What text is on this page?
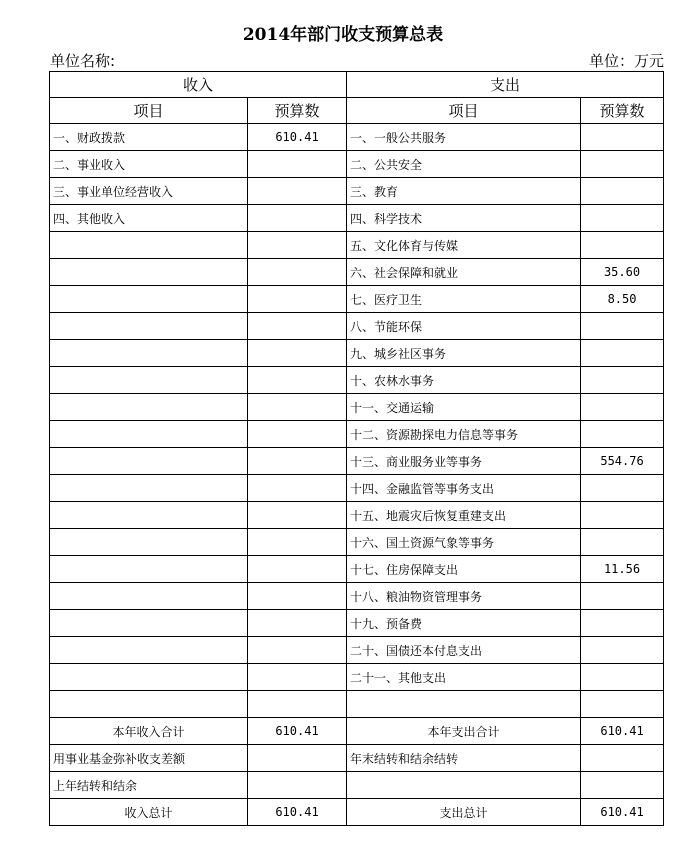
2014年部门收支预算总表
单位名称:	单位：万元
收入		支出	
项目	预算数	项目	预算数
一、财政拨款	610.41	一、一般公共服务	
二、事业收入		二、公共安全	
三、事业单位经营收入		三、教育	
四、其他收入		四、科学技术	
		五、文化体育与传媒	
		六、社会保障和就业	35.60
		七、医疗卫生	8.50
		八、节能环保	
		九、城乡社区事务	
		十、农林水事务	
		十一、交通运输	
		十二、资源勘探电力信息等事务	
		十三、商业服务业等事务	554.76
		十四、金融监管等事务支出	
		十五、地震灾后恢复重建支出	
		十六、国土资源气象等事务	
		十七、住房保障支出	11.56
		十八、粮油物资管理事务	
		十九、预备费	
		二十、国债还本付息支出	
		二十一、其他支出	

本年收入合计	610.41	本年支出合计	610.41
用事业基金弥补收支差额		年末结转和结余结转	
上年结转和结余			
收入总计	610.41	支出总计	610.41
